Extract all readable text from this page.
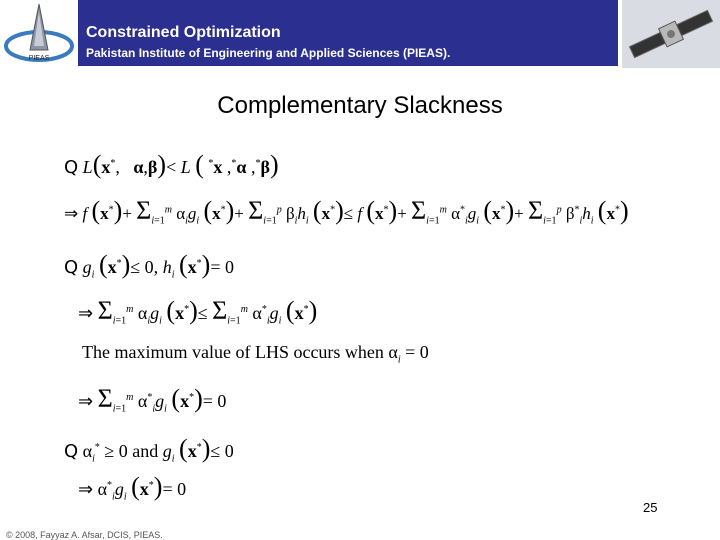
PIEAS
Constrained Optimization
Pakistan Institute of Engineering and Applied Sciences (PIEAS).
Complementary Slackness
Q L(x*,   α,β)< L ( *x ,*α ,*β)
⇒ f $(x^*)+ \Sigma_{i=1}^m$ $\alpha_ig_i$ $(x^*)+ \Sigma_{i=1}^p$ $\beta_ih_i$ (x*)≤ f $(x^*)+ \Sigma_{i=1}^m$ $\alpha^*_ig_i$ $(x^*)+ \Sigma_{i=1}^p$ $\beta^*_ih_i$ (x*)
Q $g_i$ (x*)≤ 0, $h_i$ (x*)= 0
⇒ $\Sigma_{i=1}^m$ $\alpha_ig_i$ $(x^*)\le \Sigma_{i=1}^m$ $\alpha^*_ig_i$ (x*)
The maximum value of LHS occurs when $\alpha_i = 0$
⇒ $\Sigma_{i=1}^m$ $\alpha^*_ig_i$ (x*)= 0
Q $\alpha_i^* \ge 0$ and $g_i$ (x*)≤ 0
⇒ $\alpha^*_ig_i$ (x*)= 0
25
© 2008, Fayyaz A. Afsar, DCIS, PIEAS.
